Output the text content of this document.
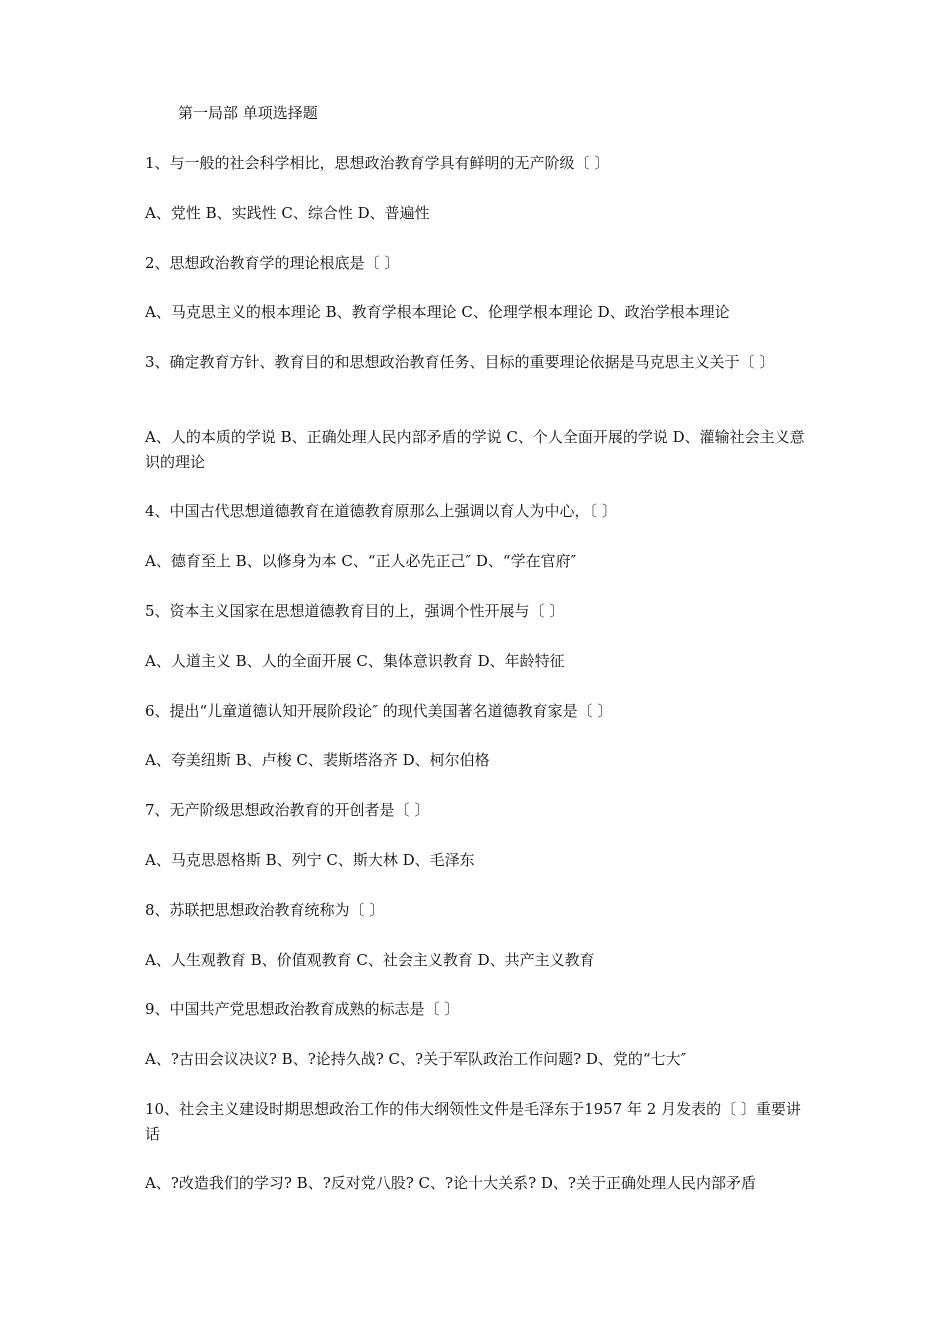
第一局部 单项选择题
1、与一般的社会科学相比，思想政治教育学具有鲜明的无产阶级〔 〕
A、党性 B、实践性 C、综合性 D、普遍性
2、思想政治教育学的理论根底是〔 〕
A、马克思主义的根本理论 B、教育学根本理论 C、伦理学根本理论 D、政治学根本理论
3、确定教育方针、教育目的和思想政治教育任务、目标的重要理论依据是马克思主义关于〔 〕
A、人的本质的学说 B、正确处理人民内部矛盾的学说 C、个人全面开展的学说 D、灌输社会主义意识的理论
4、中国古代思想道德教育在道德教育原那么上强调以育人为中心，〔 〕
A、德育至上 B、以修身为本 C、“正人必先正己″ D、“学在官府″
5、资本主义国家在思想道德教育目的上，强调个性开展与〔 〕
A、人道主义 B、人的全面开展 C、集体意识教育 D、年龄特征
6、提出“儿童道德认知开展阶段论″ 的现代美国著名道德教育家是〔 〕
A、夸美纽斯 B、卢梭 C、裴斯塔洛齐 D、柯尔伯格
7、无产阶级思想政治教育的开创者是〔 〕
A、马克思恩格斯 B、列宁 C、斯大林 D、毛泽东
8、苏联把思想政治教育统称为〔 〕
A、人生观教育 B、价值观教育 C、社会主义教育 D、共产主义教育
9、中国共产党思想政治教育成熟的标志是〔 〕
A、?古田会议决议? B、?论持久战? C、?关于军队政治工作问题? D、党的“七大″
10、社会主义建设时期思想政治工作的伟大纲领性文件是毛泽东于1957 年 2 月发表的〔 〕重要讲话
A、?改造我们的学习? B、?反对党八股? C、?论十大关系? D、?关于正确处理人民内部矛盾
